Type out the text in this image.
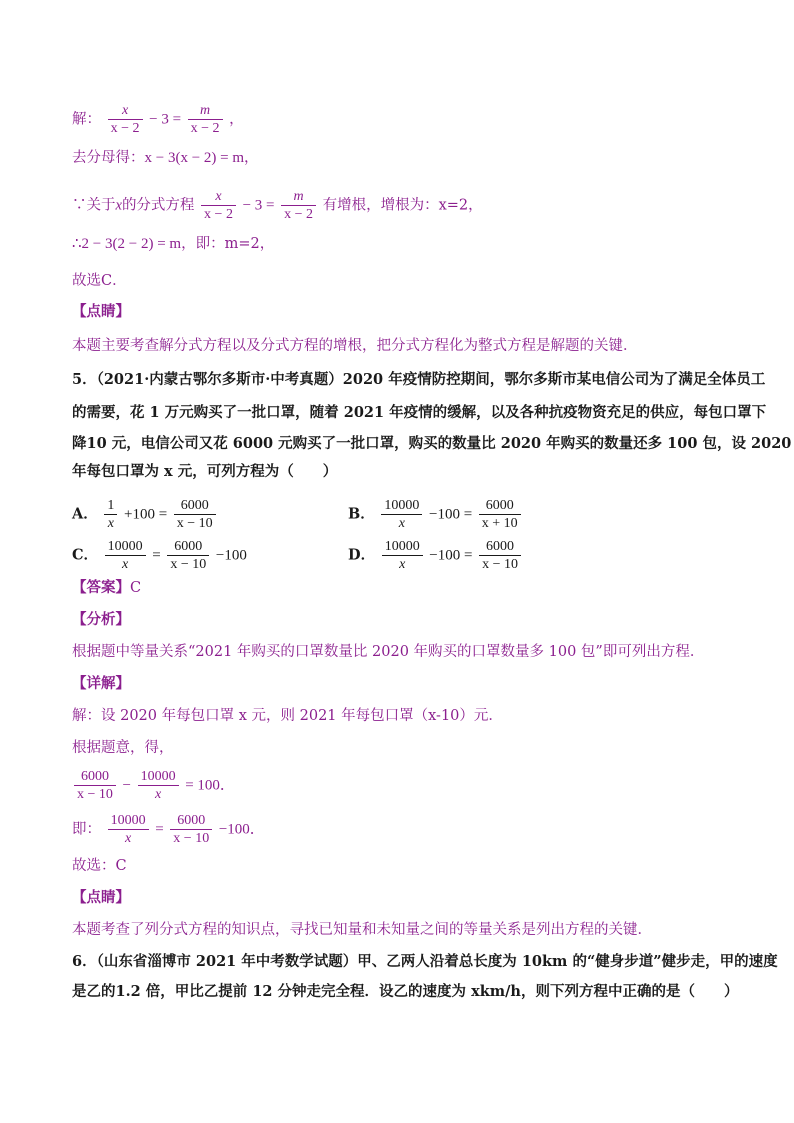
解： $\frac{x}{x - 2} - 3 = \frac{m}{x - 2}$ ，
去分母得：x − 3(x − 2) = m，
∵关于x的分式方程 $\frac{x}{x - 2} - 3 = \frac{m}{x - 2}$ 有增根，增根为：x=2，
∴2 − 3(2 − 2) = m，即：m=2，
故选C．
【点睛】
本题主要考查解分式方程以及分式方程的增根，把分式方程化为整式方程是解题的关键．
5．（2021·内蒙古鄂尔多斯市·中考真题）2020 年疫情防控期间，鄂尔多斯市某电信公司为了满足全体员工
的需要，花 1 万元购买了一批口罩，随着 2021 年疫情的缓解，以及各种抗疫物资充足的供应，每包口罩下
降10 元，电信公司又花 6000 元购买了一批口罩，购买的数量比 2020 年购买的数量还多 100 包，设 2020
年每包口罩为 x 元，可列方程为（　　）
A． $\frac{1}{x} +100 = \frac{6000}{x - 10}$	B． $\frac{10000}{x} -100 = \frac{6000}{x + 10}$
C． $\frac{10000}{x} = \frac{6000}{x - 10} -100$	D． $\frac{10000}{x} -100 = \frac{6000}{x - 10}$
【答案】C
【分析】
根据题中等量关系“2021 年购买的口罩数量比 2020 年购买的口罩数量多 100 包”即可列出方程．
【详解】
解：设 2020 年每包口罩 x 元，则 2021 年每包口罩（x-10）元．
根据题意，得，
$\frac{6000}{x - 10} - \frac{10000}{x} = 100$．
即： $\frac{10000}{x} = \frac{6000}{x - 10} -100$．
故选：C
【点睛】
本题考查了列分式方程的知识点，寻找已知量和未知量之间的等量关系是列出方程的关键．
6．（山东省淄博市 2021 年中考数学试题）甲、乙两人沿着总长度为 10km 的“健身步道”健步走，甲的速度
是乙的1.2 倍，甲比乙提前 12 分钟走完全程．设乙的速度为 xkm/h，则下列方程中正确的是（　　）
